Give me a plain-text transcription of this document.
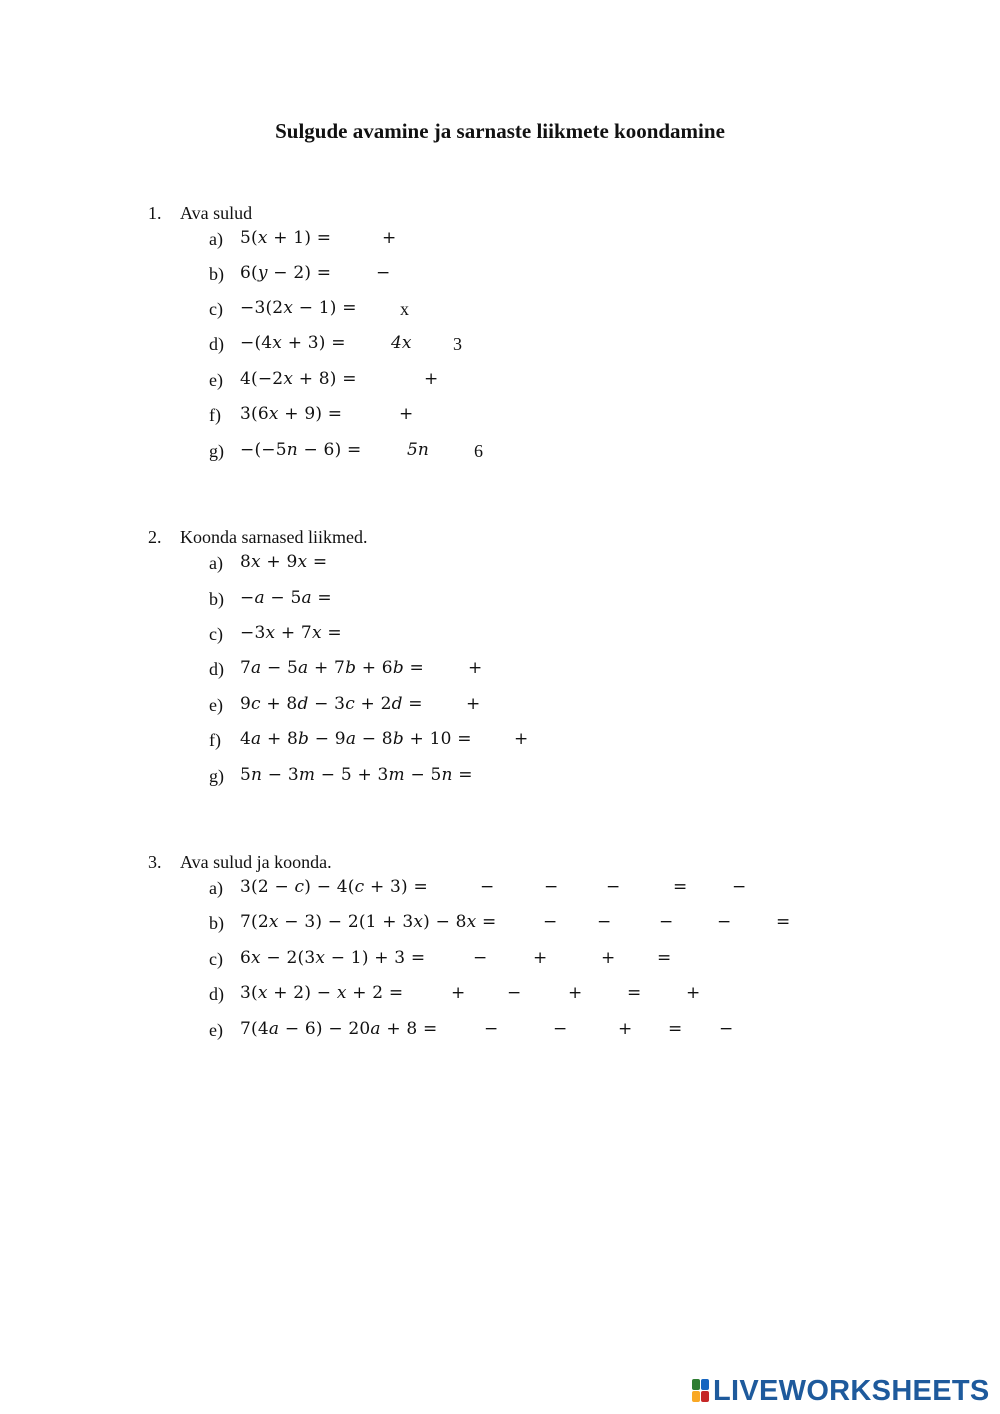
Sulgude avamine ja sarnaste liikmete koondamine
1. Ava sulud
a) 5(x + 1) =	+
b) 6(y − 2) =	−
c) −3(2x − 1) = x
d) −(4x + 3) =	4x 3
e) 4(−2x + 8) =	+
f) 3(6x + 9) =	+
g) −(−5n − 6) =	5n	6
2. Koonda sarnased liikmed.
a) 8x + 9x =
b) −a − 5a =
c) −3x + 7x =
d) 7a − 5a + 7b + 6b =	+
e) 9c + 8d − 3c + 2d =	+
f) 4a + 8b − 9a − 8b + 10 = +
g) 5n − 3m − 5 + 3m − 5n =
3. Ava sulud ja koonda.
a) 3(2 − c) − 4(c + 3) =	−	−	−	=	−
b) 7(2x − 3) − 2(1 + 3x) − 8x =	− −	−	−	=
c) 6x − 2(3x − 1) + 3 =	−	+	+ =
d) 3(x + 2) − x + 2 =	+ −	+	=	+
e) 7(4a − 6) − 20a + 8 =	−	−	+ = −
LIVEWORKSHEETS
